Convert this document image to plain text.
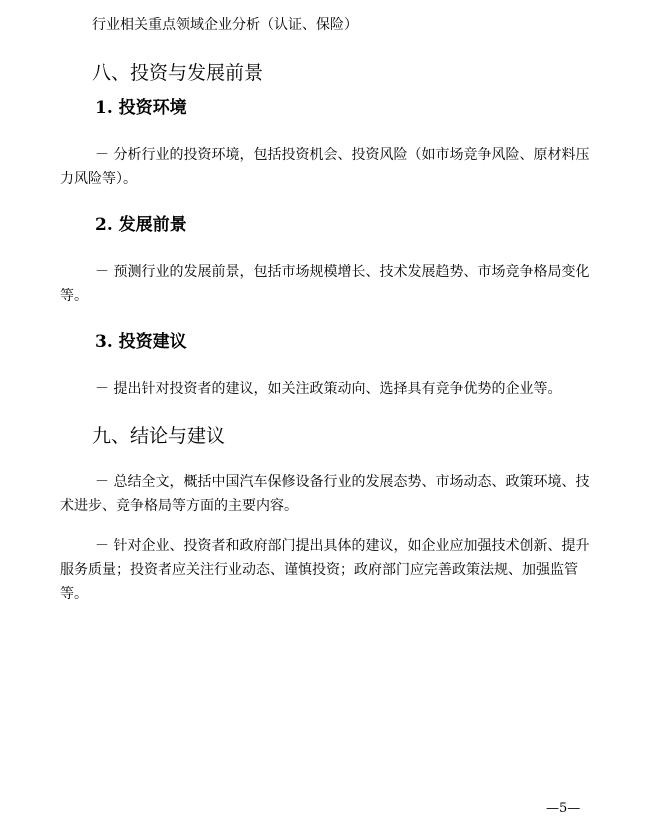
行业相关重点领域企业分析（认证、保险）
八、投资与发展前景
1. 投资环境
－ 分析行业的投资环境，包括投资机会、投资风险（如市场竞争风险、原材料压
力风险等）。
2. 发展前景
－ 预测行业的发展前景，包括市场规模增长、技术发展趋势、市场竞争格局变化
等。
3. 投资建议
－ 提出针对投资者的建议，如关注政策动向、选择具有竞争优势的企业等。
九、结论与建议
－ 总结全文，概括中国汽车保修设备行业的发展态势、市场动态、政策环境、技
术进步、竞争格局等方面的主要内容。
－ 针对企业、投资者和政府部门提出具体的建议，如企业应加强技术创新、提升
服务质量；投资者应关注行业动态、谨慎投资；政府部门应完善政策法规、加强监管
等。
—5—
